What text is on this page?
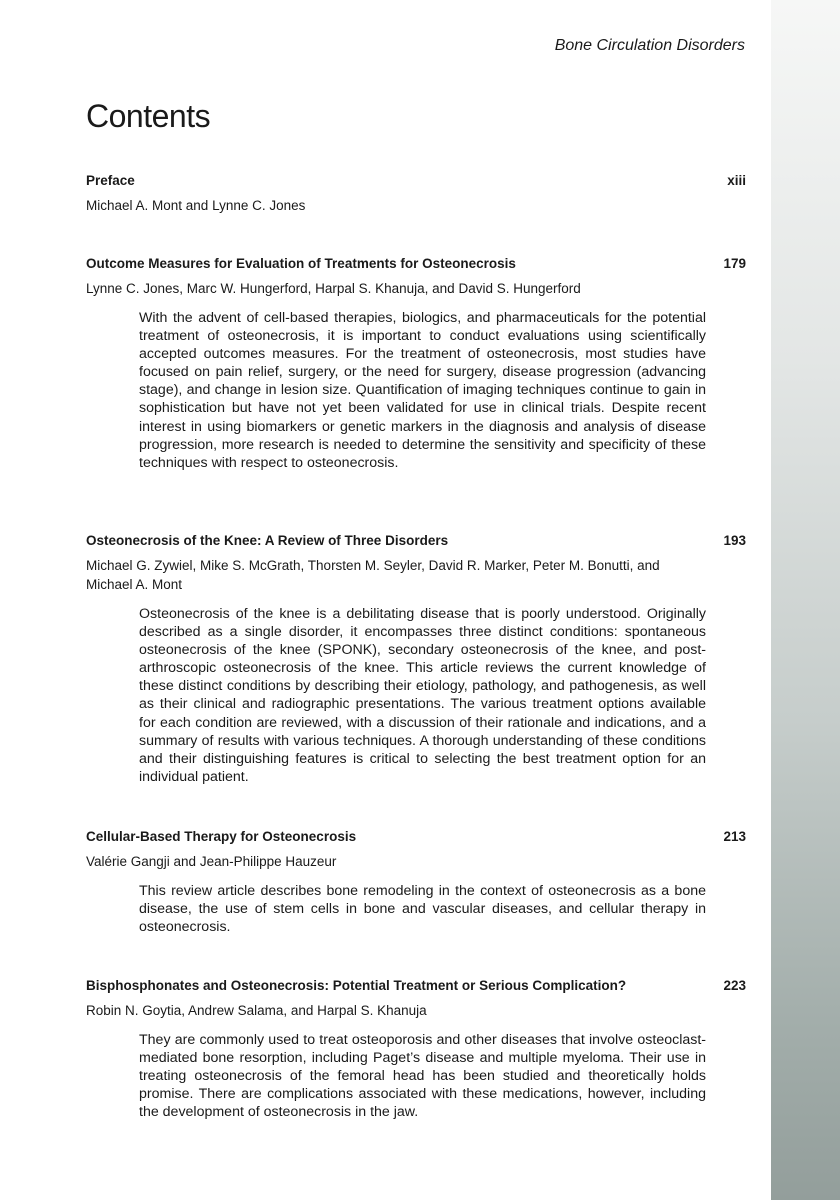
Bone Circulation Disorders

Contents
Preface	xiii
Michael A. Mont and Lynne C. Jones
Outcome Measures for Evaluation of Treatments for Osteonecrosis	179
Lynne C. Jones, Marc W. Hungerford, Harpal S. Khanuja, and David S. Hungerford
With the advent of cell-based therapies, biologics, and pharmaceuticals for the potential treatment of osteonecrosis, it is important to conduct evaluations using scientifically accepted outcomes measures. For the treatment of osteonecrosis, most studies have focused on pain relief, surgery, or the need for surgery, disease progression (advancing stage), and change in lesion size. Quantification of imaging techniques continue to gain in sophistication but have not yet been validated for use in clinical trials. Despite recent interest in using biomarkers or genetic markers in the diagnosis and analysis of disease progression, more research is needed to determine the sensitivity and specificity of these techniques with respect to osteonecrosis.
Osteonecrosis of the Knee: A Review of Three Disorders	193
Michael G. Zywiel, Mike S. McGrath, Thorsten M. Seyler, David R. Marker, Peter M. Bonutti, and Michael A. Mont
Osteonecrosis of the knee is a debilitating disease that is poorly understood. Originally described as a single disorder, it encompasses three distinct conditions: spontaneous osteonecrosis of the knee (SPONK), secondary osteonecrosis of the knee, and post-arthroscopic osteonecrosis of the knee. This article reviews the current knowledge of these distinct conditions by describing their etiology, pathology, and pathogenesis, as well as their clinical and radiographic presentations. The various treatment options available for each condition are reviewed, with a discussion of their rationale and indications, and a summary of results with various techniques. A thorough understanding of these conditions and their distinguishing features is critical to selecting the best treatment option for an individual patient.
Cellular-Based Therapy for Osteonecrosis	213
Valérie Gangji and Jean-Philippe Hauzeur
This review article describes bone remodeling in the context of osteonecrosis as a bone disease, the use of stem cells in bone and vascular diseases, and cellular therapy in osteonecrosis.
Bisphosphonates and Osteonecrosis: Potential Treatment or Serious Complication?	223
Robin N. Goytia, Andrew Salama, and Harpal S. Khanuja
They are commonly used to treat osteoporosis and other diseases that involve osteoclast-mediated bone resorption, including Paget’s disease and multiple myeloma. Their use in treating osteonecrosis of the femoral head has been studied and theoretically holds promise. There are complications associated with these medications, however, including the development of osteonecrosis in the jaw.
